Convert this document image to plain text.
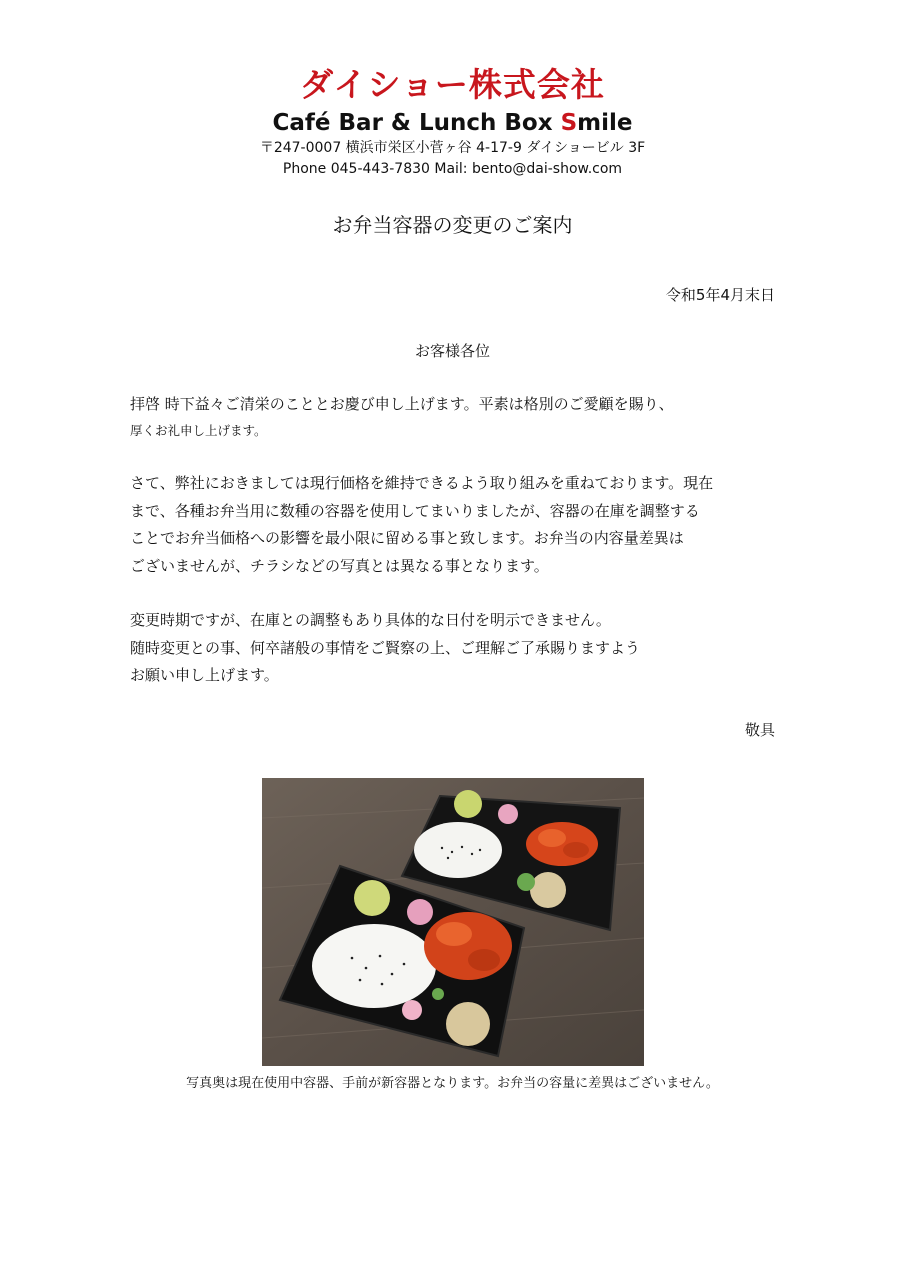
ダイショー株式会社
Café Bar & Lunch Box Smile
〒247-0007 横浜市栄区小菅ヶ谷 4-17-9 ダイショービル 3F
Phone 045-443-7830 Mail: bento@dai-show.com
お弁当容器の変更のご案内
令和5年4月末日
お客様各位
拝啓 時下益々ご清栄のこととお慶び申し上げます。平素は格別のご愛顧を賜り、
厚くお礼申し上げます。
さて、弊社におきましては現行価格を維持できるよう取り組みを重ねております。現在
まで、各種お弁当用に数種の容器を使用してまいりましたが、容器の在庫を調整する
ことでお弁当価格への影響を最小限に留める事と致します。お弁当の内容量差異は
ございませんが、チラシなどの写真とは異なる事となります。
変更時期ですが、在庫との調整もあり具体的な日付を明示できません。
随時変更との事、何卒諸般の事情をご賢察の上、ご理解ご了承賜りますよう
お願い申し上げます。
敬具
写真奥は現在使用中容器、手前が新容器となります。お弁当の容量に差異はございません。
